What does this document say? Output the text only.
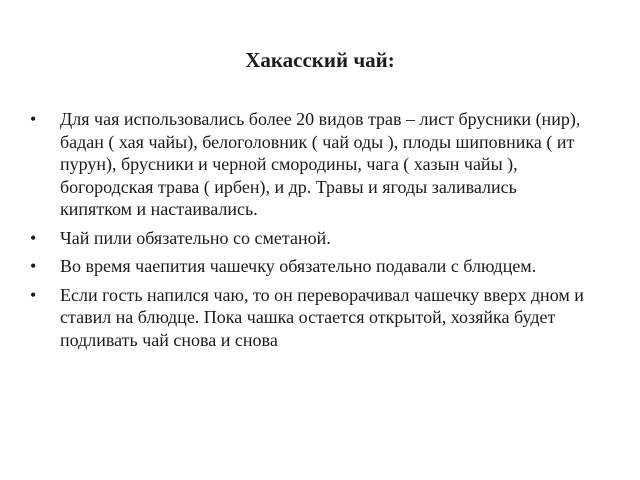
Хакасский чай:
•	Для чая использовались более 20 видов трав – лист брусники (нир), бадан ( хая чайы), белоголовник ( чай оды ), плоды шиповника ( ит пурун), брусники и черной смородины, чага ( хазын чайы ), богородская трава ( ирбен), и др. Травы и ягоды заливались кипятком и настаивались.
•	Чай пили обязательно со сметаной.
•	Во время чаепития чашечку обязательно подавали с блюдцем.
•	Если гость напился чаю, то он переворачивал чашечку вверх дном и ставил на блюдце. Пока чашка остается открытой, хозяйка будет подливать чай снова и снова
